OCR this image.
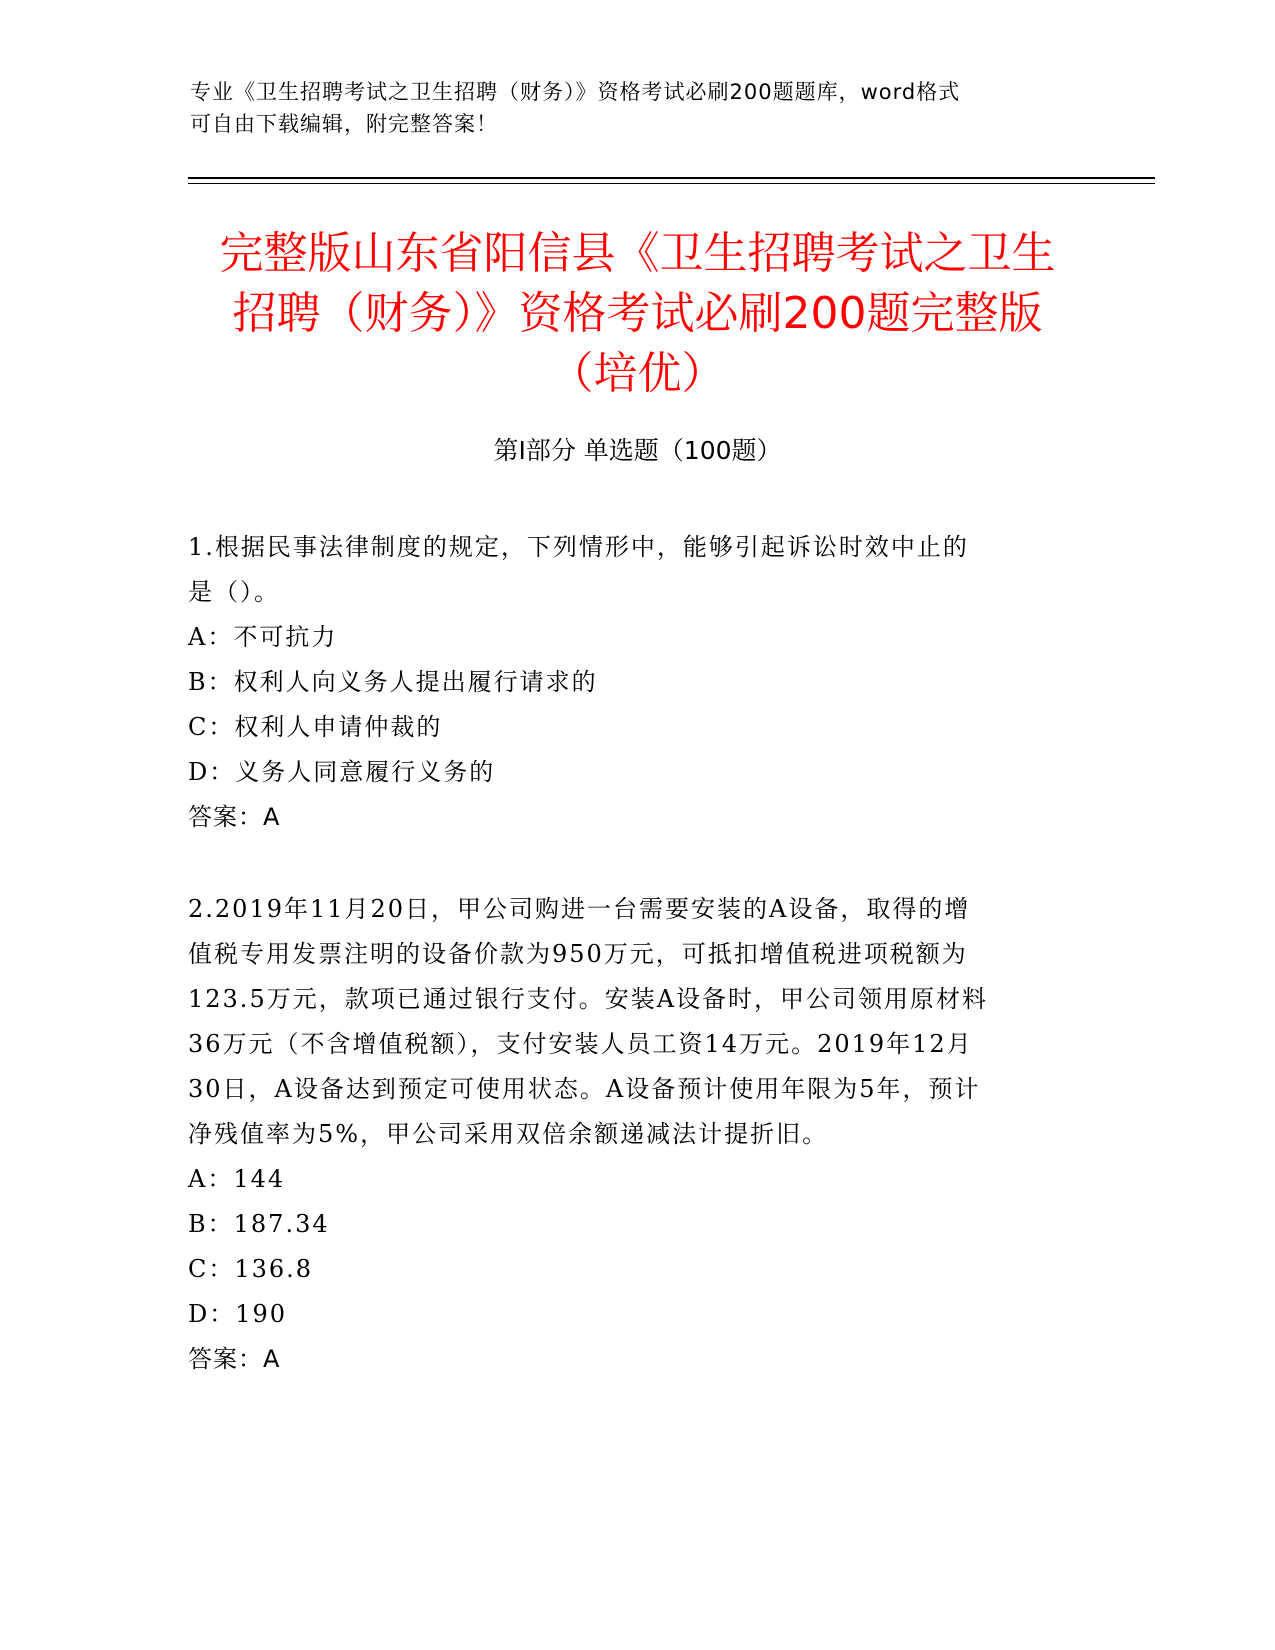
专业《卫生招聘考试之卫生招聘（财务）》资格考试必刷200题题库，word格式
可自由下载编辑，附完整答案！
完整版山东省阳信县《卫生招聘考试之卫生
招聘（财务）》资格考试必刷200题完整版
（培优）
第Ⅰ部分 单选题（100题）
1.根据民事法律制度的规定，下列情形中，能够引起诉讼时效中止的
是（）。
A：不可抗力
B：权利人向义务人提出履行请求的
C：权利人申请仲裁的
D：义务人同意履行义务的
答案：A
2.2019年11月20日，甲公司购进一台需要安装的A设备，取得的增
值税专用发票注明的设备价款为950万元，可抵扣增值税进项税额为
123.5万元，款项已通过银行支付。安装A设备时，甲公司领用原材料
36万元（不含增值税额），支付安装人员工资14万元。2019年12月
30日，A设备达到预定可使用状态。A设备预计使用年限为5年，预计
净残值率为5%，甲公司采用双倍余额递减法计提折旧。
A：144
B：187.34
C：136.8
D：190
答案：A
